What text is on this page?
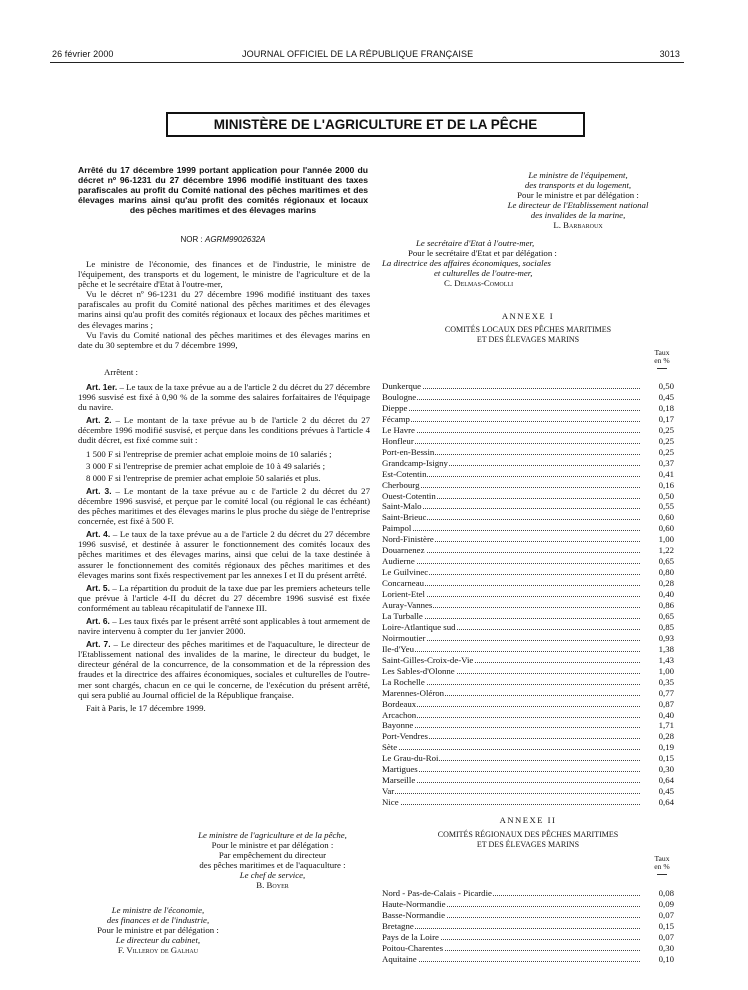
26 février 2000	JOURNAL OFFICIEL DE LA RÉPUBLIQUE FRANÇAISE	3013
MINISTÈRE DE L'AGRICULTURE ET DE LA PÊCHE
Arrêté du 17 décembre 1999 portant application pour l'année 2000 du décret nº 96-1231 du 27 décembre 1996 modifié instituant des taxes parafiscales au profit du Comité national des pêches maritimes et des élevages marins ainsi qu'au profit des comités régionaux et locaux des pêches maritimes et des élevages marins
NOR : AGRM9902632A

Le ministre de l'économie, des finances et de l'industrie, le ministre de l'équipement, des transports et du logement, le ministre de l'agriculture et de la pêche et le secrétaire d'Etat à l'outre-mer,

Vu le décret nº 96-1231 du 27 décembre 1996 modifié instituant des taxes parafiscales au profit du Comité national des pêches maritimes et des élevages marins ainsi qu'au profit des comités régionaux et locaux des pêches maritimes et des élevages marins ;

Vu l'avis du Comité national des pêches maritimes et des élevages marins en date du 30 septembre et du 7 décembre 1999,

Arrêtent :

Art. 1er. – Le taux de la taxe prévue au a de l'article 2 du décret du 27 décembre 1996 susvisé est fixé à 0,90 % de la somme des salaires forfaitaires de l'équipage du navire.

Art. 2. – Le montant de la taxe prévue au b de l'article 2 du décret du 27 décembre 1996 modifié susvisé, et perçue dans les conditions prévues à l'article 4 dudit décret, est fixé comme suit :

1 500 F si l'entreprise de premier achat emploie moins de 10 salariés ;

3 000 F si l'entreprise de premier achat emploie de 10 à 49 salariés ;

8 000 F si l'entreprise de premier achat emploie 50 salariés et plus.

Art. 3. – Le montant de la taxe prévue au c de l'article 2 du décret du 27 décembre 1996 susvisé, et perçue par le comité local (ou régional le cas échéant) des pêches maritimes et des élevages marins le plus proche du siège de l'entreprise concernée, est fixé à 500 F.

Art. 4. – Le taux de la taxe prévue au a de l'article 2 du décret du 27 décembre 1996 susvisé, et destinée à assurer le fonctionnement des comités locaux des pêches maritimes et des élevages marins, ainsi que celui de la taxe destinée à assurer le fonctionnement des comités régionaux des pêches maritimes et des élevages marins sont fixés respectivement par les annexes I et II du présent arrêté.

Art. 5. – La répartition du produit de la taxe due par les premiers acheteurs telle que prévue à l'article 4-II du décret du 27 décembre 1996 susvisé est fixée conformément au tableau récapitulatif de l'annexe III.

Art. 6. – Les taux fixés par le présent arrêté sont applicables à tout armement de navire intervenu à compter du 1er janvier 2000.

Art. 7. – Le directeur des pêches maritimes et de l'aquaculture, le directeur de l'Etablissement national des invalides de la marine, le directeur du budget, le directeur général de la concurrence, de la consommation et de la répression des fraudes et la directrice des affaires économiques, sociales et culturelles de l'outre-mer sont chargés, chacun en ce qui le concerne, de l'exécution du présent arrêté, qui sera publié au Journal officiel de la République française.

Fait à Paris, le 17 décembre 1999.

Le ministre de l'agriculture et de la pêche,
Pour le ministre et par délégation :
Par empêchement du directeur
des pêches maritimes et de l'aquaculture :
Le chef de service,
B. Boyer
Le ministre de l'économie,
des finances et de l'industrie,
Pour le ministre et par délégation :
Le directeur du cabinet,
F. Villeroy de Galhau
Le ministre de l'équipement,
des transports et du logement,
Pour le ministre et par délégation :
Le directeur de l'Etablissement national
des invalides de la marine,
L. Barbaroux
Le secrétaire d'Etat à l'outre-mer,
Pour le secrétaire d'Etat et par délégation :
La directrice des affaires économiques, sociales
et culturelles de l'outre-mer,
C. Delmas-Comolli
ANNEXE I
COMITÉS LOCAUX DES PÊCHES MARITIMES
ET DES ÉLEVAGES MARINS
Taux
en %
Dunkerque	0,50
Boulogne	0,45
Dieppe	0,18
Fécamp	0,17
Le Havre	0,25
Honfleur	0,25
Port-en-Bessin	0,25
Grandcamp-Isigny	0,37
Est-Cotentin	0,41
Cherbourg	0,16
Ouest-Cotentin	0,50
Saint-Malo	0,55
Saint-Brieuc	0,60
Paimpol	0,60
Nord-Finistère	1,00
Douarnenez	1,22
Audierne	0,65
Le Guilvinec	0,80
Concarneau	0,28
Lorient-Etel	0,40
Auray-Vannes	0,86
La Turballe	0,65
Loire-Atlantique sud	0,85
Noirmoutier	0,93
Ile-d'Yeu	1,38
Saint-Gilles-Croix-de-Vie	1,43
Les Sables-d'Olonne	1,00
La Rochelle	0,35
Marennes-Oléron	0,77
Bordeaux	0,87
Arcachon	0,40
Bayonne	1,71
Port-Vendres	0,28
Sète	0,19
Le Grau-du-Roi	0,15
Martigues	0,30
Marseille	0,64
Var	0,45
Nice	0,64
ANNEXE II
COMITÉS RÉGIONAUX DES PÊCHES MARITIMES
ET DES ÉLEVAGES MARINS
Taux
en %
Nord - Pas-de-Calais - Picardie	0,08
Haute-Normandie	0,09
Basse-Normandie	0,07
Bretagne	0,15
Pays de la Loire	0,07
Poitou-Charentes	0,30
Aquitaine	0,10
